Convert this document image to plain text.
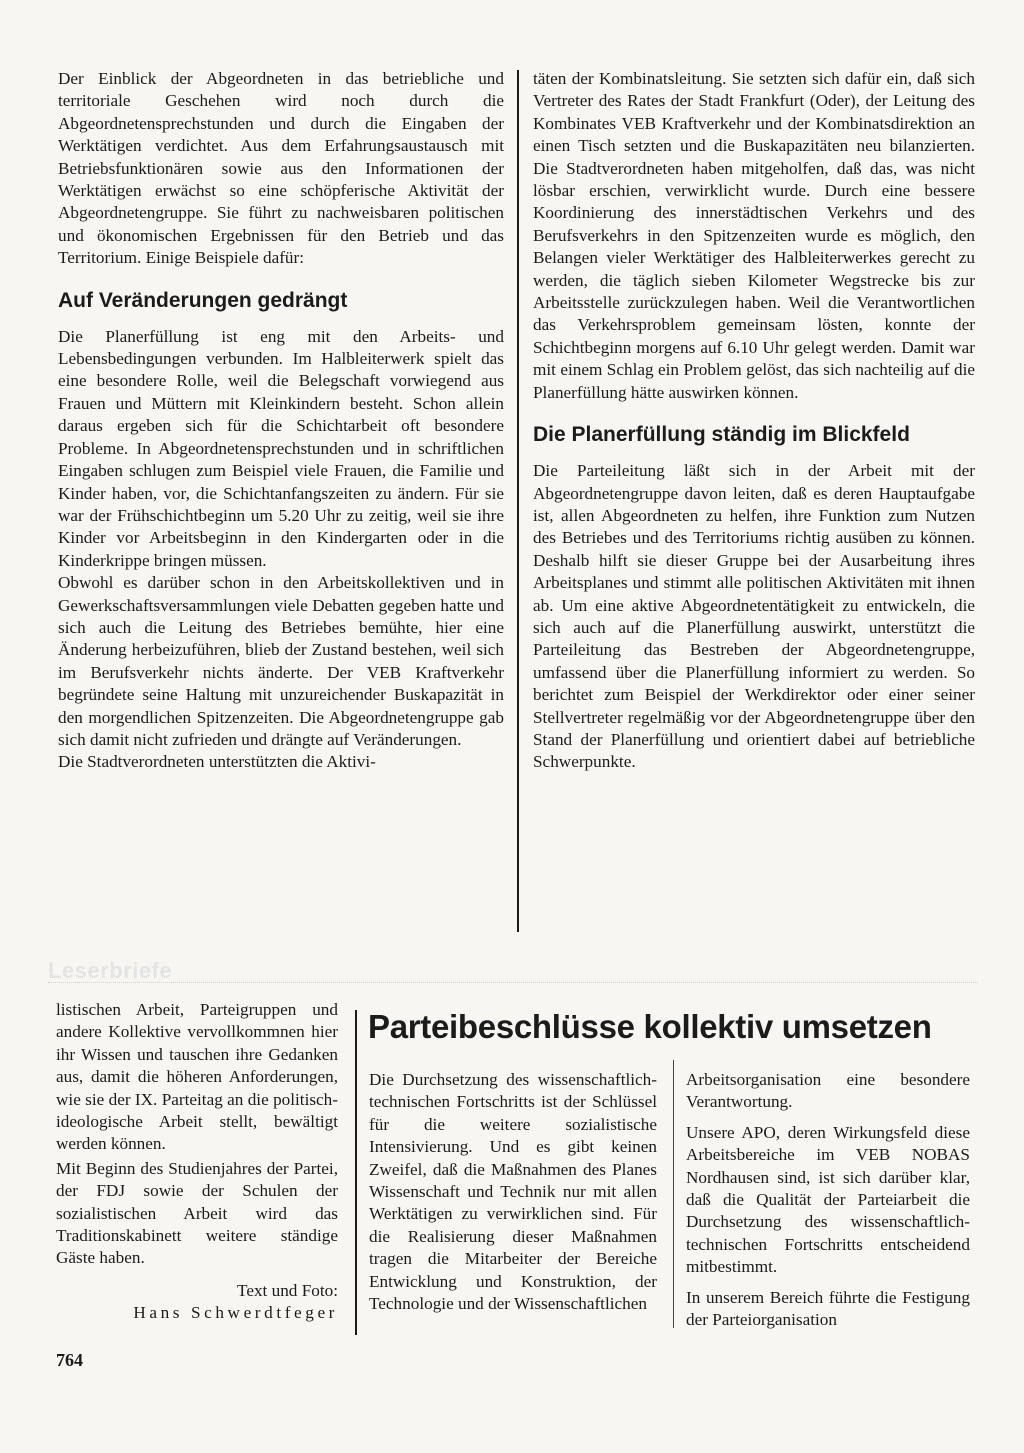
Der Einblick der Abgeordneten in das betriebliche und territoriale Geschehen wird noch durch die Abgeordnetensprechstunden und durch die Eingaben der Werktätigen verdichtet. Aus dem Erfahrungsaustausch mit Betriebsfunktionären sowie aus den Informationen der Werktätigen erwächst so eine schöpferische Aktivität der Abgeordnetengruppe. Sie führt zu nachweisbaren politischen und ökonomischen Ergebnissen für den Betrieb und das Territorium. Einige Beispiele dafür:

Auf Veränderungen gedrängt

Die Planerfüllung ist eng mit den Arbeits- und Lebensbedingungen verbunden. Im Halbleiterwerk spielt das eine besondere Rolle, weil die Belegschaft vorwiegend aus Frauen und Müttern mit Kleinkindern besteht. Schon allein daraus ergeben sich für die Schichtarbeit oft besondere Probleme. In Abgeordnetensprechstunden und in schriftlichen Eingaben schlugen zum Beispiel viele Frauen, die Familie und Kinder haben, vor, die Schichtanfangszeiten zu ändern. Für sie war der Frühschichtbeginn um 5.20 Uhr zu zeitig, weil sie ihre Kinder vor Arbeitsbeginn in den Kindergarten oder in die Kinderkrippe bringen müssen.

Obwohl es darüber schon in den Arbeitskollektiven und in Gewerkschaftsversammlungen viele Debatten gegeben hatte und sich auch die Leitung des Betriebes bemühte, hier eine Änderung herbeizuführen, blieb der Zustand bestehen, weil sich im Berufsverkehr nichts änderte. Der VEB Kraftverkehr begründete seine Haltung mit unzureichender Buskapazität in den morgendlichen Spitzenzeiten. Die Abgeordnetengruppe gab sich damit nicht zufrieden und drängte auf Veränderungen.

Die Stadtverordneten unterstützten die Aktivi-

täten der Kombinatsleitung. Sie setzten sich dafür ein, daß sich Vertreter des Rates der Stadt Frankfurt (Oder), der Leitung des Kombinates VEB Kraftverkehr und der Kombinatsdirektion an einen Tisch setzten und die Buskapazitäten neu bilanzierten. Die Stadtverordneten haben mitgeholfen, daß das, was nicht lösbar erschien, verwirklicht wurde. Durch eine bessere Koordinierung des innerstädtischen Verkehrs und des Berufsverkehrs in den Spitzenzeiten wurde es möglich, den Belangen vieler Werktätiger des Halbleiterwerkes gerecht zu werden, die täglich sieben Kilometer Wegstrecke bis zur Arbeitsstelle zurückzulegen haben. Weil die Verantwortlichen das Verkehrsproblem gemeinsam lösten, konnte der Schichtbeginn morgens auf 6.10 Uhr gelegt werden. Damit war mit einem Schlag ein Problem gelöst, das sich nachteilig auf die Planerfüllung hätte auswirken können.

Die Planerfüllung ständig im Blickfeld

Die Parteileitung läßt sich in der Arbeit mit der Abgeordnetengruppe davon leiten, daß es deren Hauptaufgabe ist, allen Abgeordneten zu helfen, ihre Funktion zum Nutzen des Betriebes und des Territoriums richtig ausüben zu können. Deshalb hilft sie dieser Gruppe bei der Ausarbeitung ihres Arbeitsplanes und stimmt alle politischen Aktivitäten mit ihnen ab. Um eine aktive Abgeordnetentätigkeit zu entwickeln, die sich auch auf die Planerfüllung auswirkt, unterstützt die Parteileitung das Bestreben der Abgeordnetengruppe, umfassend über die Planerfüllung informiert zu werden. So berichtet zum Beispiel der Werkdirektor oder einer seiner Stellvertreter regelmäßig vor der Abgeordnetengruppe über den Stand der Planerfüllung und orientiert dabei auf betriebliche Schwerpunkte.

Leserbriefe

listischen Arbeit, Parteigruppen und andere Kollektive vervollkommnen hier ihr Wissen und tauschen ihre Gedanken aus, damit die höheren Anforderungen, wie sie der IX. Parteitag an die politisch-ideologische Arbeit stellt, bewältigt werden können.

Mit Beginn des Studienjahres der Partei, der FDJ sowie der Schulen der sozialistischen Arbeit wird das Traditionskabinett weitere ständige Gäste haben.

Text und Foto:

Hans Schwerdtfeger

Parteibeschlüsse kollektiv umsetzen

Die Durchsetzung des wissenschaftlich-technischen Fortschritts ist der Schlüssel für die weitere sozialistische Intensivierung. Und es gibt keinen Zweifel, daß die Maßnahmen des Planes Wissenschaft und Technik nur mit allen Werktätigen zu verwirklichen sind. Für die Realisierung dieser Maßnahmen tragen die Mitarbeiter der Bereiche Entwicklung und Konstruktion, der Technologie und der Wissenschaftlichen

Arbeitsorganisation eine besondere Verantwortung.

Unsere APO, deren Wirkungsfeld diese Arbeitsbereiche im VEB NOBAS Nordhausen sind, ist sich darüber klar, daß die Qualität der Parteiarbeit die Durchsetzung des wissenschaftlich-technischen Fortschritts entscheidend mitbestimmt.

In unserem Bereich führte die Festigung der Parteiorganisation

764
